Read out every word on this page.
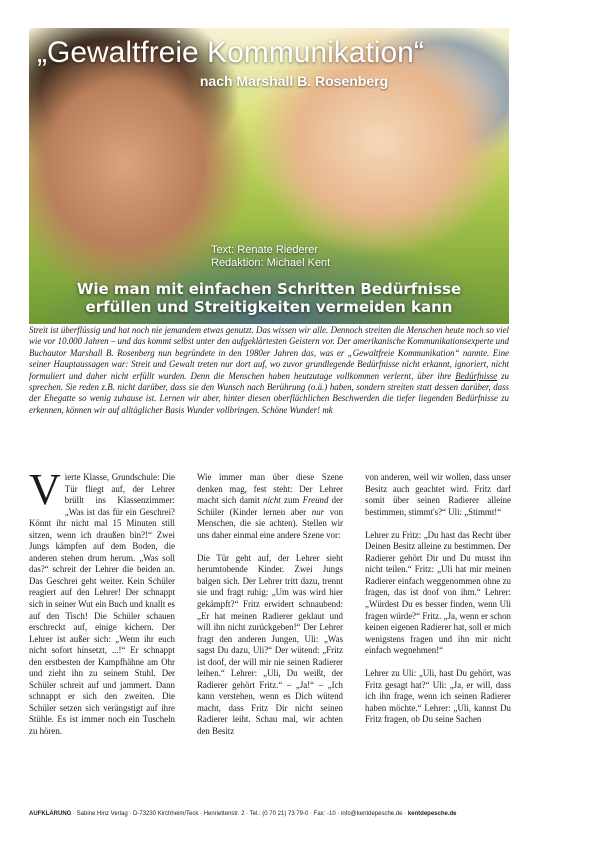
„Gewaltfreie Kommunikation“
nach Marshall B. Rosenberg
Text: Renate Riederer
Redaktion: Michael Kent
Wie man mit einfachen Schritten Bedürfnisse
erfüllen und Streitigkeiten vermeiden kann

Streit ist überflüssig und hat noch nie jemandem etwas genutzt. Das wissen wir alle. Dennoch streiten die Menschen heute noch so viel wie vor 10.000 Jahren – und das kommt selbst unter den aufgeklärtesten Geistern vor. Der amerikanische Kommunikationsexperte und Buchautor Marshall B. Rosenberg nun begründete in den 1980er Jahren das, was er „Gewaltfreie Kommunikation“ nannte. Eine seiner Hauptaussagen war: Streit und Gewalt treten nur dort auf, wo zuvor grundlegende Bedürfnisse nicht erkannt, ignoriert, nicht formuliert und daher nicht erfüllt wurden. Denn die Menschen haben heutzutage vollkommen verlernt, über ihre Bedürfnisse zu sprechen. Sie reden z.B. nicht darüber, dass sie den Wunsch nach Berührung (o.ä.) haben, sondern streiten statt dessen darüber, dass der Ehegatte so wenig zuhause ist. Lernen wir aber, hinter diesen oberflächlichen Beschwerden die tiefer liegenden Bedürfnisse zu erkennen, können wir auf alltäglicher Basis Wunder vollbringen. Schöne Wunder! mk

Vierte Klasse, Grundschule: Die Tür fliegt auf, der Lehrer brüllt ins Klassenzimmer: „Was ist das für ein Geschrei? Könnt ihr nicht mal 15 Minuten still sitzen, wenn ich draußen bin?!“ Zwei Jungs kämpfen auf dem Boden, die anderen stehen drum herum. „Was soll das?“ schreit der Lehrer die beiden an. Das Geschrei geht weiter. Kein Schüler reagiert auf den Lehrer! Der schnappt sich in seiner Wut ein Buch und knallt es auf den Tisch! Die Schüler schauen erschreckt auf, einige kichern. Der Lehrer ist außer sich: „Wenn ihr euch nicht sofort hinsetzt, ...!“ Er schnappt den erstbesten der Kampfhähne am Ohr und zieht ihn zu seinem Stuhl. Der Schüler schreit auf und jammert. Dann schnappt er sich den zweiten. Die Schüler setzen sich verängstigt auf ihre Stühle. Es ist immer noch ein Tuscheln zu hören.

Wie immer man über diese Szene denken mag, fest steht: Der Lehrer macht sich damit nicht zum Freund der Schüler (Kinder lernen aber nur von Menschen, die sie achten). Stellen wir uns daher einmal eine andere Szene vor:

Die Tür geht auf, der Lehrer sieht herumtobende Kinder. Zwei Jungs balgen sich. Der Lehrer tritt dazu, trennt sie und fragt ruhig: „Um was wird hier gekämpft?“ Fritz erwidert schnaubend: „Er hat meinen Radierer geklaut und will ihn nicht zurückgeben!“ Der Lehrer fragt den anderen Jungen, Uli: „Was sagst Du dazu, Uli?“ Der wütend: „Fritz ist doof, der will mir nie seinen Radierer leihen.“ Lehrer: „Uli, Du weißt, der Radierer gehört Fritz.“ – „Ja!“ – „Ich kann verstehen, wenn es Dich wütend macht, dass Fritz Dir nicht seinen Radierer leiht. Schau mal, wir achten den Besitz

von anderen, weil wir wollen, dass unser Besitz auch geachtet wird. Fritz darf somit über seinen Radierer alleine bestimmen, stimmt's?“ Uli: „Stimmt!“

Lehrer zu Fritz: „Du hast das Recht über Deinen Besitz alleine zu bestimmen. Der Radierer gehört Dir und Du musst ihn nicht teilen.“ Fritz: „Uli hat mir meinen Radierer einfach weggenommen ohne zu fragen, das ist doof von ihm.“ Lehrer: „Würdest Du es besser finden, wenn Uli fragen würde?“ Fritz. „Ja, wenn er schon keinen eigenen Radierer hat, soll er mich wenigstens fragen und ihn mir nicht einfach wegnehmen!“

Lehrer zu Uli: „Uli, hast Du gehört, was Fritz gesagt hat?“ Uli: „Ja, er will, dass ich ihn frage, wenn ich seinen Radierer haben möchte.“ Lehrer: „Uli, kannst Du Fritz fragen, ob Du seine Sachen

AUFKLÄRUNG · Sabine Hinz Verlag · D-73230 Kirchheim/Teck · Henriettenstr. 2 · Tel.: (0 70 21) 73 79-0 · Fax: -10 · info@kentdepesche.de · kentdepesche.de
